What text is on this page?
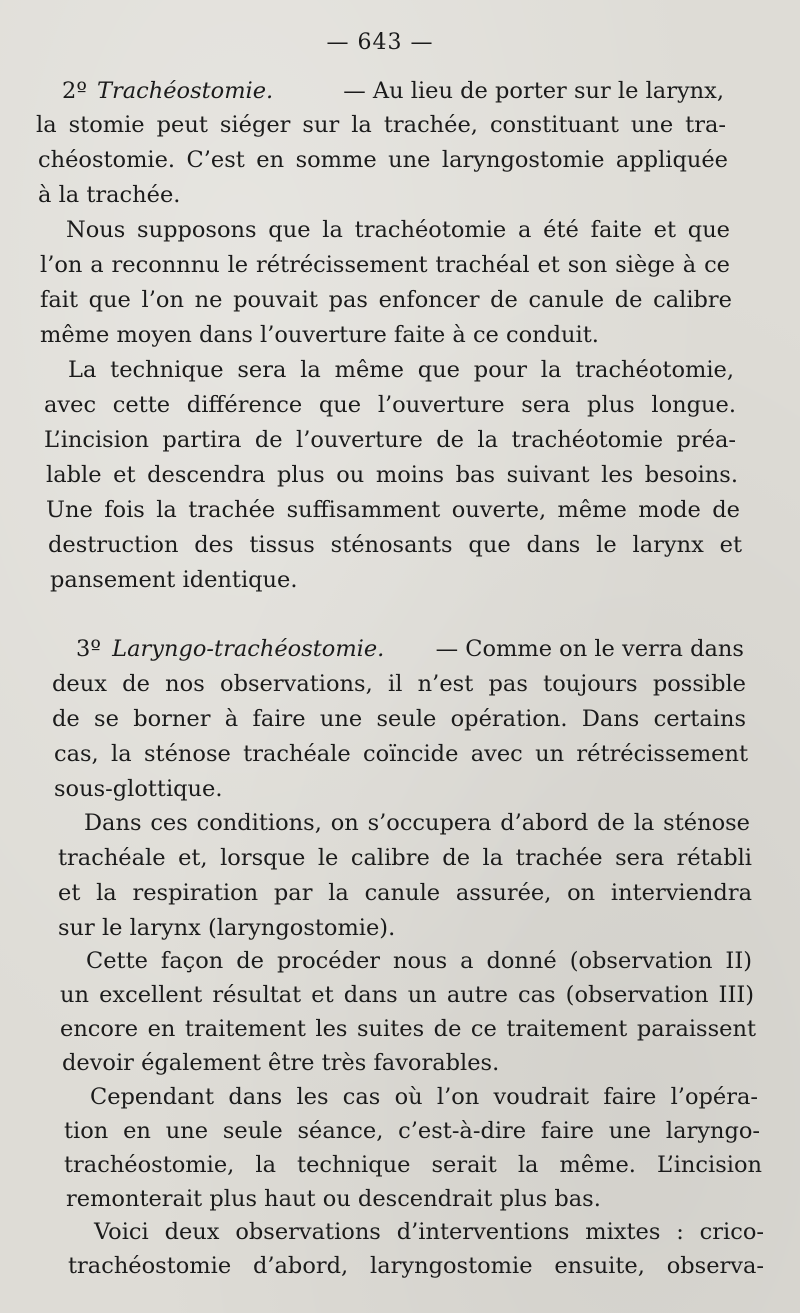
— 643 —
2º Trachéostomie.	— Au lieu de porter sur le larynx,
la stomie peut siéger sur la trachée, constituant une tra-
chéostomie. C’est en somme une laryngostomie appliquée
à la trachée.
Nous supposons que la trachéotomie a été faite et que
l’on a reconnnu le rétrécissement trachéal et son siège à ce
fait que l’on ne pouvait pas enfoncer de canule de calibre
même moyen dans l’ouverture faite à ce conduit.
La technique sera la même que pour la trachéotomie,
avec cette différence que l’ouverture sera plus longue.
L’incision partira de l’ouverture de la trachéotomie préa-
lable et descendra plus ou moins bas suivant les besoins.
Une fois la trachée suffisamment ouverte, même mode de
destruction des tissus sténosants que dans le larynx et
pansement identique.
3º Laryngo-trachéostomie. — Comme on le verra dans
deux de nos observations, il n’est pas toujours possible
de se borner à faire une seule opération. Dans certains
cas, la sténose trachéale coïncide avec un rétrécissement
sous-glottique.
Dans ces conditions, on s’occupera d’abord de la sténose
trachéale et, lorsque le calibre de la trachée sera rétabli
et la respiration par la canule assurée, on interviendra
sur le larynx (laryngostomie).
Cette façon de procéder nous a donné (observation II)
un excellent résultat et dans un autre cas (observation III)
encore en traitement les suites de ce traitement paraissent
devoir également être très favorables.
Cependant dans les cas où l’on voudrait faire l’opéra-
tion en une seule séance, c’est-à-dire faire une laryngo-
trachéostomie, la technique serait la même. L’incision
remonterait plus haut ou descendrait plus bas.
Voici deux observations d’interventions mixtes : crico-
trachéostomie d’abord, laryngostomie ensuite, observa-
